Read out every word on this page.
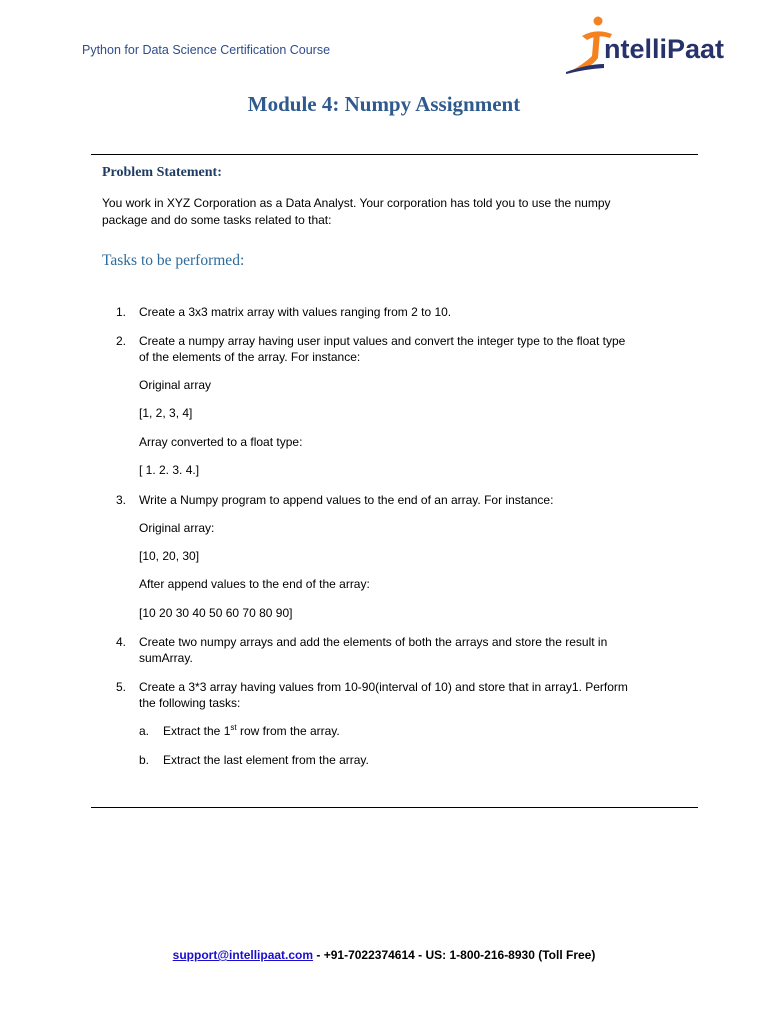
Python for Data Science Certification Course	ntelliPaat
Module 4: Numpy Assignment
Problem Statement:
You work in XYZ Corporation as a Data Analyst. Your corporation has told you to use the numpy
package and do some tasks related to that:
Tasks to be performed:
1. Create a 3x3 matrix array with values ranging from 2 to 10.
2. Create a numpy array having user input values and convert the integer type to the float type
of the elements of the array. For instance:
Original array
[1, 2, 3, 4]
Array converted to a float type:
[ 1. 2. 3. 4.]
3. Write a Numpy program to append values to the end of an array. For instance:
Original array:
[10, 20, 30]
After append values to the end of the array:
[10 20 30 40 50 60 70 80 90]
4. Create two numpy arrays and add the elements of both the arrays and store the result in
sumArray.
5. Create a 3*3 array having values from 10-90(interval of 10) and store that in array1. Perform
the following tasks:
a. Extract the 1st row from the array.
b. Extract the last element from the array.
support@intellipaat.com - +91-7022374614 - US: 1-800-216-8930 (Toll Free)
